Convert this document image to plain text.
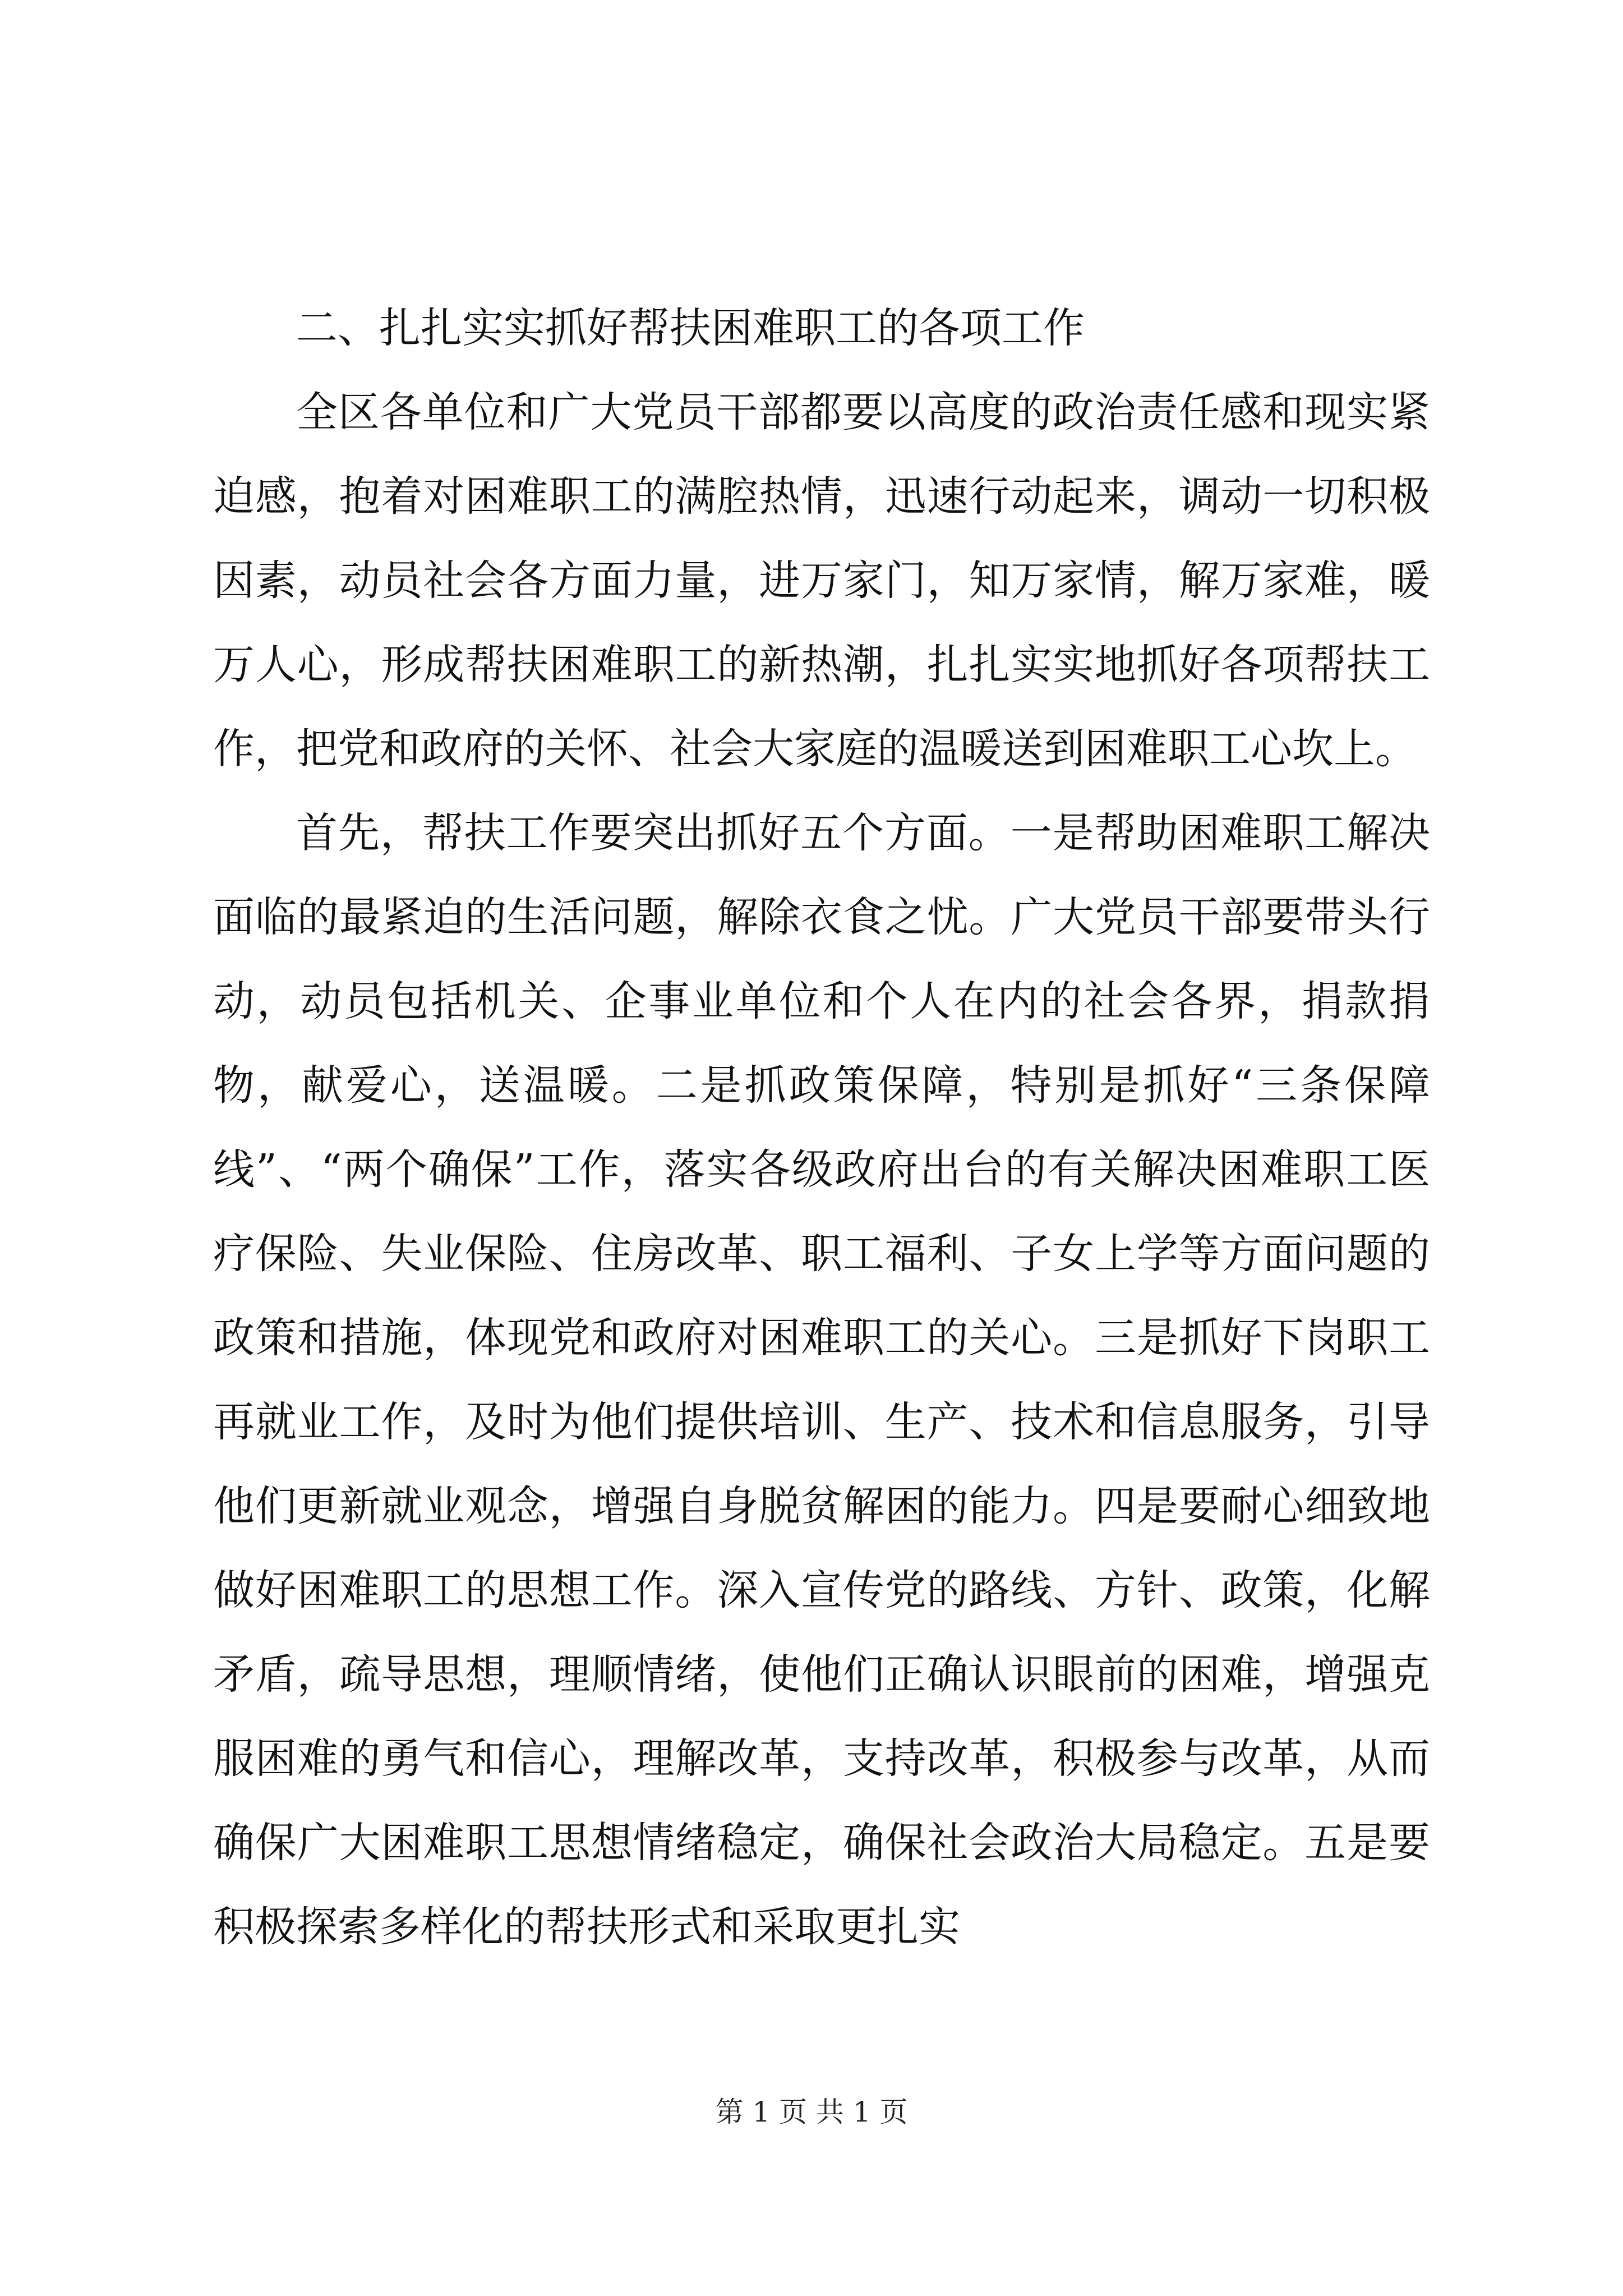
二、扎扎实实抓好帮扶困难职工的各项工作

全区各单位和广大党员干部都要以高度的政治责任感和现实紧迫感，抱着对困难职工的满腔热情，迅速行动起来，调动一切积极因素，动员社会各方面力量，进万家门，知万家情，解万家难，暖万人心，形成帮扶困难职工的新热潮，扎扎实实地抓好各项帮扶工作，把党和政府的关怀、社会大家庭的温暖送到困难职工心坎上。

首先，帮扶工作要突出抓好五个方面。一是帮助困难职工解决面临的最紧迫的生活问题，解除衣食之忧。广大党员干部要带头行动，动员包括机关、企事业单位和个人在内的社会各界，捐款捐物，献爱心，送温暖。二是抓政策保障，特别是抓好“三条保障线”、“两个确保”工作，落实各级政府出台的有关解决困难职工医疗保险、失业保险、住房改革、职工福利、子女上学等方面问题的政策和措施，体现党和政府对困难职工的关心。三是抓好下岗职工再就业工作，及时为他们提供培训、生产、技术和信息服务，引导他们更新就业观念，增强自身脱贫解困的能力。四是要耐心细致地做好困难职工的思想工作。深入宣传党的路线、方针、政策，化解矛盾，疏导思想，理顺情绪，使他们正确认识眼前的困难，增强克服困难的勇气和信心，理解改革，支持改革，积极参与改革，从而确保广大困难职工思想情绪稳定，确保社会政治大局稳定。五是要积极探索多样化的帮扶形式和采取更扎实

第 1 页 共 1 页
